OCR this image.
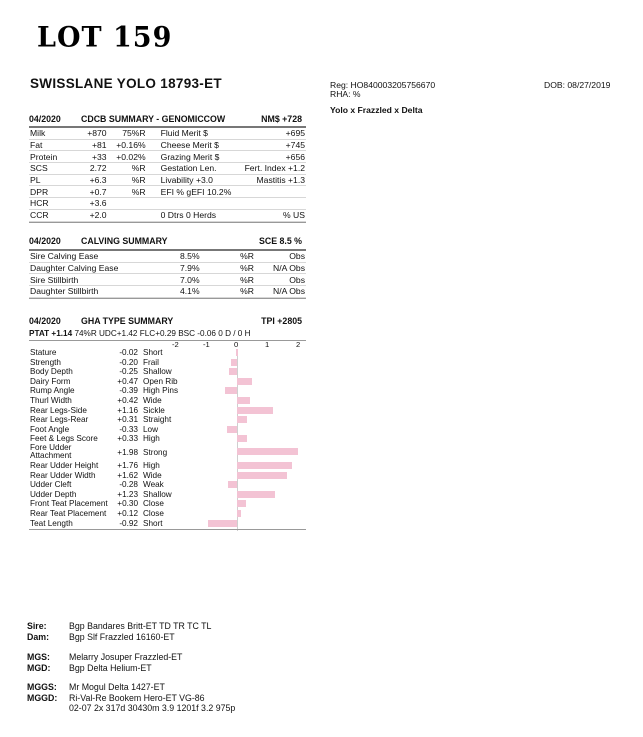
LOT 159
SWISSLANE YOLO 18793-ET	Reg: HO840003205756670
RHA: %
DOB: 08/27/2019
Yolo x Frazzled x Delta
04/2020 CDCB SUMMARY - GENOMICCOW	NM$ +728
Milk	+870	75%R	Fluid Merit $	+695
Fat	+81	+0.16%	Cheese Merit $	+745
Protein	+33	+0.02%	Grazing Merit $	+656
SCS	2.72	%R	Gestation Len.	Fert. Index +1.2
PL	+6.3	%R	Livability +3.0	Mastitis +1.3
DPR	+0.7	%R	EFI % gEFI 10.2%	
HCR	+3.6			
CCR	+2.0		0 Dtrs 0 Herds	% US
04/2020 CALVING SUMMARY	SCE 8.5 %
Sire Calving Ease	8.5%	%R	Obs
Daughter Calving Ease	7.9%	%R	N/A Obs
Sire Stillbirth	7.0%	%R	Obs
Daughter Stillbirth	4.1%	%R	N/A Obs
04/2020 GHA TYPE SUMMARY	TPI +2805
PTAT +1.14 74%R UDC+1.42 FLC+0.29 BSC -0.06 0 D / 0 H
-2	-1	0	1	2
Stature	-0.02 Short
Strength	-0.20 Frail
Body Depth	-0.25 Shallow
Dairy Form	+0.47 Open Rib
Rump Angle	-0.39 High Pins
Thurl Width	+0.42 Wide
Rear Legs-Side	+1.16 Sickle
Rear Legs-Rear	+0.31 Straight
Foot Angle	-0.33 Low
Feet & Legs Score	+0.33 High
Fore Udder Attachment	+1.98 Strong
Rear Udder Height	+1.76 High
Rear Udder Width	+1.62 Wide
Udder Cleft	-0.28 Weak
Udder Depth	+1.23 Shallow
Front Teat Placement	+0.30 Close
Rear Teat Placement	+0.12 Close
Teat Length	-0.92 Short
Sire:	Bgp Bandares Britt-ET TD TR TC TL
Dam: Bgp Slf Frazzled 16160-ET
MGS: Melarry Josuper Frazzled-ET
MGD: Bgp Delta Helium-ET
MGGS: Mr Mogul Delta 1427-ET
MGGD: Ri-Val-Re Bookem Hero-ET VG-86
02-07 2x 317d 30430m 3.9 1201f 3.2 975p
